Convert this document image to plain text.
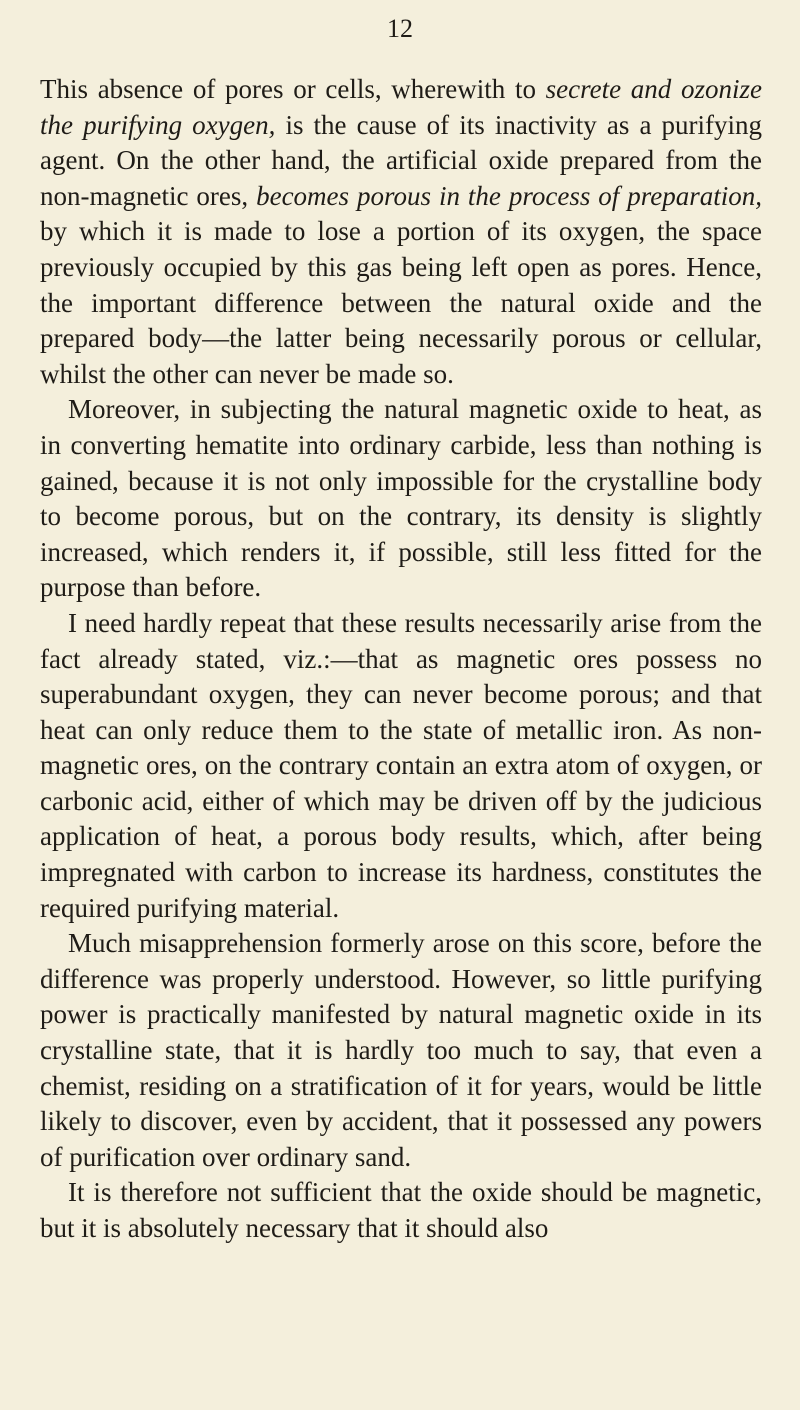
12

This absence of pores or cells, wherewith to secrete and ozonize the purifying oxygen, is the cause of its inactivity as a purifying agent. On the other hand, the artificial oxide prepared from the non-magnetic ores, becomes porous in the process of preparation, by which it is made to lose a portion of its oxygen, the space previously occupied by this gas being left open as pores. Hence, the important difference between the natural oxide and the prepared body—the latter being necessarily porous or cellular, whilst the other can never be made so.

Moreover, in subjecting the natural magnetic oxide to heat, as in converting hematite into ordinary carbide, less than nothing is gained, because it is not only impossible for the crystalline body to become porous, but on the contrary, its density is slightly increased, which renders it, if possible, still less fitted for the purpose than before.

I need hardly repeat that these results necessarily arise from the fact already stated, viz.:—that as magnetic ores possess no superabundant oxygen, they can never become porous; and that heat can only reduce them to the state of metallic iron. As non-magnetic ores, on the contrary contain an extra atom of oxygen, or carbonic acid, either of which may be driven off by the judicious application of heat, a porous body results, which, after being impregnated with carbon to increase its hardness, constitutes the required purifying material.

Much misapprehension formerly arose on this score, before the difference was properly understood. However, so little purifying power is practically manifested by natural magnetic oxide in its crystalline state, that it is hardly too much to say, that even a chemist, residing on a stratification of it for years, would be little likely to discover, even by accident, that it possessed any powers of purification over ordinary sand.

It is therefore not sufficient that the oxide should be magnetic, but it is absolutely necessary that it should also
